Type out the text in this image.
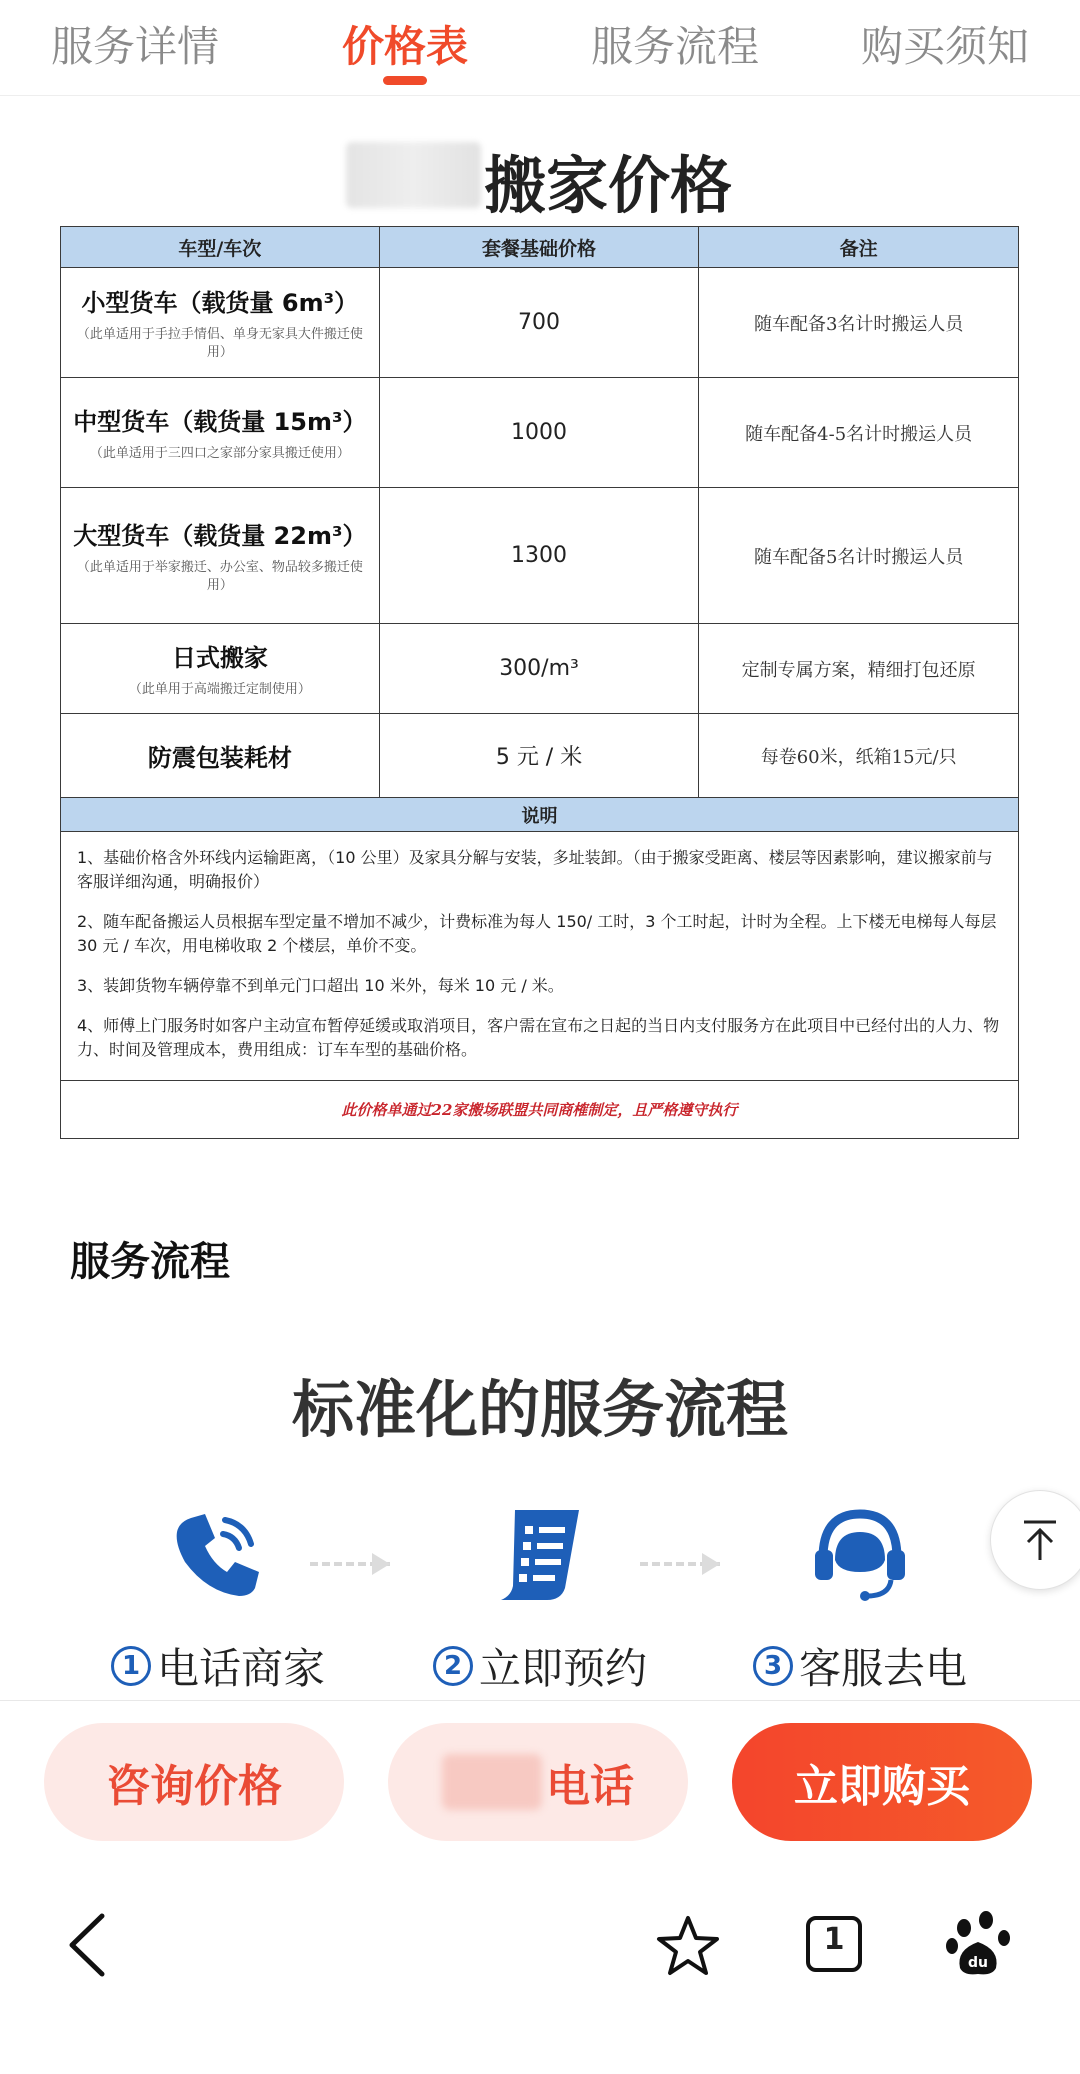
服务详情	价格表	服务流程	购买须知
搬家价格
车型/车次	套餐基础价格	备注

小型货车（载货量 6m³）
（此单适用于手拉手情侣、单身无家具大件搬迁使用）	700	随车配备3名计时搬运人员

中型货车（载货量 15m³）
（此单适用于三四口之家部分家具搬迁使用）	1000	随车配备4-5名计时搬运人员

大型货车（载货量 22m³）
（此单适用于举家搬迁、办公室、物品较多搬迁使用）	1300	随车配备5名计时搬运人员

日式搬家
（此单用于高端搬迁定制使用）	300/m³	定制专属方案，精细打包还原

防震包装耗材	5 元 / 米	每卷60米，纸箱15元/只
说明		

1、基础价格含外环线内运输距离，（10 公里）及家具分解与安装，多址装卸。（由于搬家受距离、楼层等因素影响，建议搬家前与客服详细沟通，明确报价）

2、随车配备搬运人员根据车型定量不增加不减少，计费标准为每人 150/ 工时，3 个工时起，计时为全程。上下楼无电梯每人每层 30 元 / 车次，用电梯收取 2 个楼层，单价不变。

3、装卸货物车辆停靠不到单元门口超出 10 米外，每米 10 元 / 米。

4、师傅上门服务时如客户主动宣布暂停延缓或取消项目，客户需在宣布之日起的当日内支付服务方在此项目中已经付出的人力、物力、时间及管理成本，费用组成：订车车型的基础价格。		

此价格单通过22家搬场联盟共同商榷制定，且严格遵守执行		
服务流程
标准化的服务流程
1 电话商家	2 立即预约	3 客服去电
咨询价格	电话	立即购买
1
du
